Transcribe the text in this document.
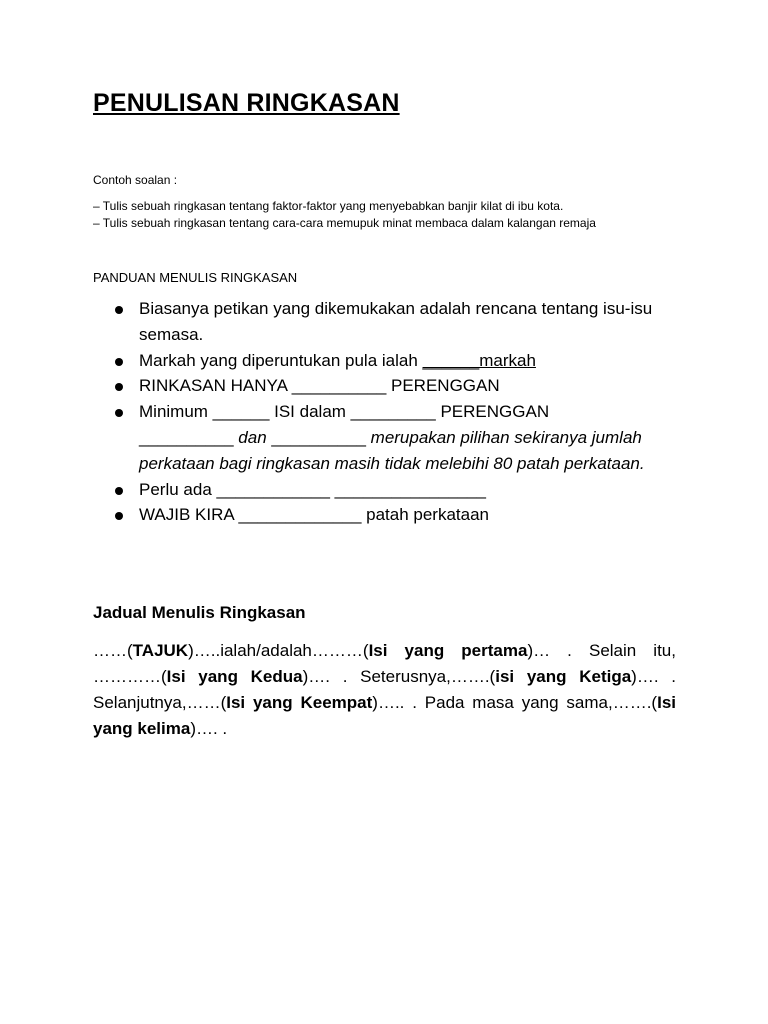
PENULISAN RINGKASAN
Contoh soalan :
– Tulis sebuah ringkasan tentang faktor-faktor yang menyebabkan banjir kilat di ibu kota.
– Tulis sebuah ringkasan tentang cara-cara memupuk minat membaca dalam kalangan remaja
PANDUAN MENULIS RINGKASAN
Biasanya petikan yang dikemukakan adalah rencana tentang isu-isu semasa.
Markah yang diperuntukan pula ialah ______markah
RINKASAN HANYA __________ PERENGGAN
Minimum ______ ISI dalam _________ PERENGGAN
__________ dan __________ merupakan pilihan sekiranya jumlah perkataan bagi ringkasan masih tidak melebihi 80 patah perkataan.
Perlu ada ____________ ________________
WAJIB KIRA _____________ patah perkataan
Jadual Menulis Ringkasan

……(TAJUK)…..ialah/adalah………(Isi yang pertama)… . Selain itu, …………(Isi yang Kedua)…. . Seterusnya,…….(isi yang Ketiga)…. . Selanjutnya,……(Isi yang Keempat)….. . Pada masa yang sama,…….(Isi yang kelima)…. .
